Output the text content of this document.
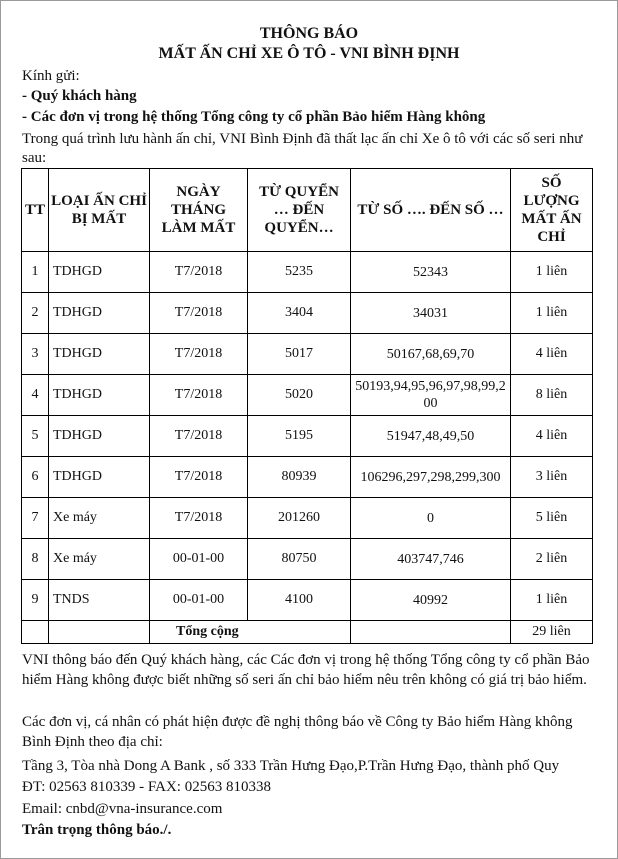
THÔNG BÁO
MẤT ẤN CHỈ XE Ô TÔ - VNI BÌNH ĐỊNH
Kính gửi:
- Quý khách hàng
- Các đơn vị trong hệ thống Tổng công ty cổ phần Bảo hiểm Hàng không
Trong quá trình lưu hành ấn chỉ, VNI Bình Định đã thất lạc ấn chỉ Xe ô tô với các số seri như
sau:
TT	LOẠI ẤN CHỈ BỊ MẤT	NGÀY THÁNG LÀM MẤT	TỪ QUYỂN … ĐẾN QUYỂN…	TỪ SỐ …. ĐẾN SỐ …	SỐ LƯỢNG MẤT ẤN CHỈ
1	TDHGD	T7/2018	5235	52343	1 liên
2	TDHGD	T7/2018	3404	34031	1 liên
3	TDHGD	T7/2018	5017	50167,68,69,70	4 liên
4	TDHGD	T7/2018	5020	50193,94,95,96,97,98,99,200	8 liên
5	TDHGD	T7/2018	5195	51947,48,49,50	4 liên
6	TDHGD	T7/2018	80939	106296,297,298,299,300	3 liên
7	Xe máy	T7/2018	201260	0	5 liên
8	Xe máy	00-01-00	80750	403747,746	2 liên
9	TNDS	00-01-00	4100	40992	1 liên
		Tổng cộng			29 liên
VNI thông báo đến Quý khách hàng, các Các đơn vị trong hệ thống Tổng công ty cổ phần Bảo hiểm Hàng không được biết những số seri ấn chỉ bảo hiểm nêu trên không có giá trị bảo hiểm.
Các đơn vị, cá nhân có phát hiện được đề nghị thông báo về Công ty Bảo hiểm Hàng không Bình Định theo địa chỉ:
Tầng 3, Tòa nhà Dong A Bank , số 333 Trần Hưng Đạo,P.Trần Hưng Đạo, thành phố Quy
ĐT: 02563 810339 - FAX: 02563 810338
Email: cnbd@vna-insurance.com
Trân trọng thông báo./.
